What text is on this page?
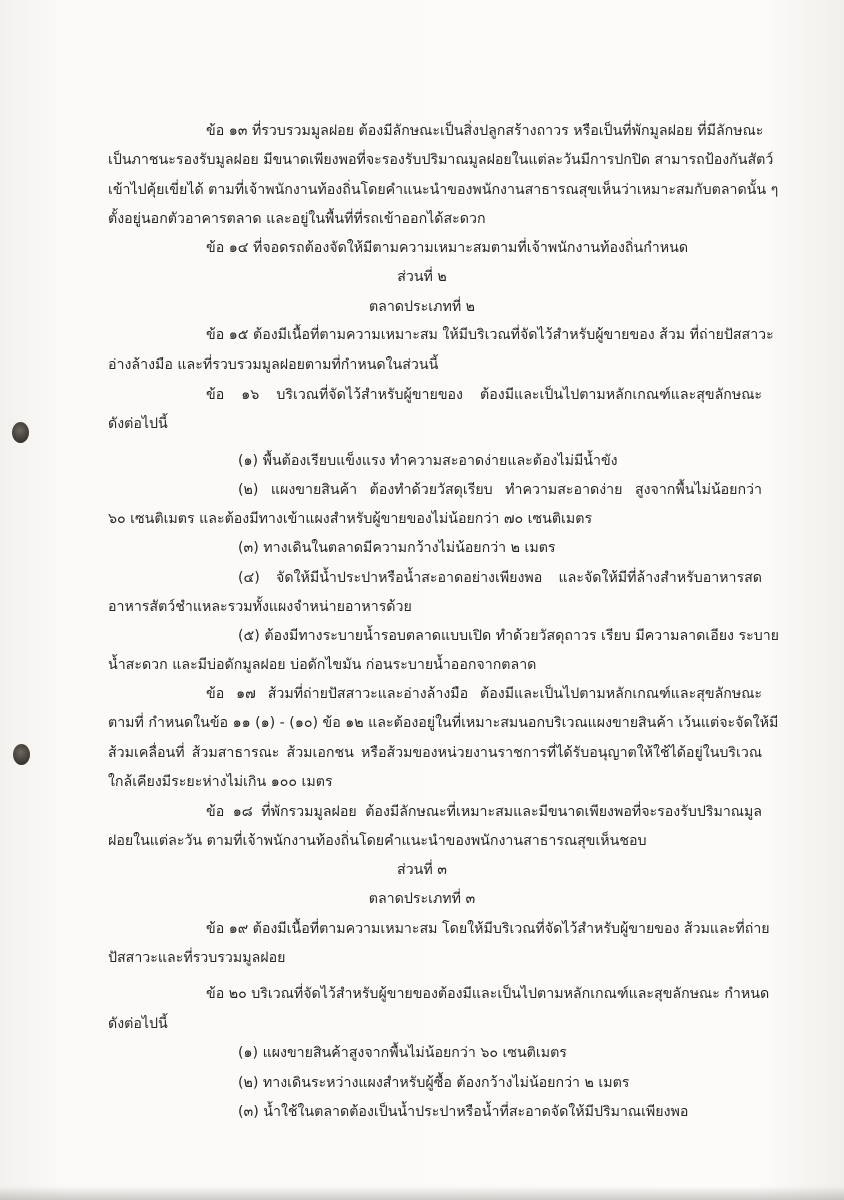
ข้อ ๑๓ ที่รวบรวมมูลฝอย ต้องมีลักษณะเป็นสิ่งปลูกสร้างถาวร หรือเป็นที่พักมูลฝอย ที่มีลักษณะ
เป็นภาชนะรองรับมูลฝอย มีขนาดเพียงพอที่จะรองรับปริมาณมูลฝอยในแต่ละวันมีการปกปิด สามารถป้องกันสัตว์
เข้าไปคุ้ยเขี่ยได้ ตามที่เจ้าพนักงานท้องถิ่นโดยคำแนะนำของพนักงานสาธารณสุขเห็นว่าเหมาะสมกับตลาดนั้น ๆ
ตั้งอยู่นอกตัวอาคารตลาด และอยู่ในพื้นที่ที่รถเข้าออกได้สะดวก
ข้อ ๑๔ ที่จอดรถต้องจัดให้มีตามความเหมาะสมตามที่เจ้าพนักงานท้องถิ่นกำหนด
ส่วนที่ ๒
ตลาดประเภทที่ ๒
ข้อ ๑๕ ต้องมีเนื้อที่ตามความเหมาะสม ให้มีบริเวณที่จัดไว้สำหรับผู้ขายของ ส้วม ที่ถ่ายปัสสาวะ
อ่างล้างมือ และที่รวบรวมมูลฝอยตามที่กำหนดในส่วนนี้
ข้อ ๑๖ บริเวณที่จัดไว้สำหรับผู้ขายของ ต้องมีและเป็นไปตามหลักเกณฑ์และสุขลักษณะ
ดังต่อไปนี้
(๑) พื้นต้องเรียบแข็งแรง ทำความสะอาดง่ายและต้องไม่มีน้ำขัง
(๒) แผงขายสินค้า ต้องทำด้วยวัสดุเรียบ ทำความสะอาดง่าย สูงจากพื้นไม่น้อยกว่า
๖๐ เซนติเมตร และต้องมีทางเข้าแผงสำหรับผู้ขายของไม่น้อยกว่า ๗๐ เซนติเมตร
(๓) ทางเดินในตลาดมีความกว้างไม่น้อยกว่า ๒ เมตร
(๔) จัดให้มีน้ำประปาหรือน้ำสะอาดอย่างเพียงพอ และจัดให้มีที่ล้างสำหรับอาหารสด
อาหารสัตว์ชำแหละรวมทั้งแผงจำหน่ายอาหารด้วย
(๕) ต้องมีทางระบายน้ำรอบตลาดแบบเปิด ทำด้วยวัสดุถาวร เรียบ มีความลาดเอียง ระบาย
น้ำสะดวก และมีบ่อดักมูลฝอย บ่อดักไขมัน ก่อนระบายน้ำออกจากตลาด
ข้อ ๑๗ ส้วมที่ถ่ายปัสสาวะและอ่างล้างมือ ต้องมีและเป็นไปตามหลักเกณฑ์และสุขลักษณะ
ตามที่ กำหนดในข้อ ๑๑ (๑) - (๑๐) ข้อ ๑๒ และต้องอยู่ในที่เหมาะสมนอกบริเวณแผงขายสินค้า เว้นแต่จะจัดให้มี
ส้วมเคลื่อนที่ ส้วมสาธารณะ ส้วมเอกชน หรือส้วมของหน่วยงานราชการที่ได้รับอนุญาตให้ใช้ได้อยู่ในบริเวณ
ใกล้เคียงมีระยะห่างไม่เกิน ๑๐๐ เมตร
ข้อ ๑๘ ที่พักรวมมูลฝอย ต้องมีลักษณะที่เหมาะสมและมีขนาดเพียงพอที่จะรองรับปริมาณมูล
ฝอยในแต่ละวัน ตามที่เจ้าพนักงานท้องถิ่นโดยคำแนะนำของพนักงานสาธารณสุขเห็นชอบ
ส่วนที่ ๓
ตลาดประเภทที่ ๓
ข้อ ๑๙ ต้องมีเนื้อที่ตามความเหมาะสม โดยให้มีบริเวณที่จัดไว้สำหรับผู้ขายของ ส้วมและที่ถ่าย
ปัสสาวะและที่รวบรวมมูลฝอย
ข้อ ๒๐ บริเวณที่จัดไว้สำหรับผู้ขายของต้องมีและเป็นไปตามหลักเกณฑ์และสุขลักษณะ กำหนด
ดังต่อไปนี้
(๑) แผงขายสินค้าสูงจากพื้นไม่น้อยกว่า ๖๐ เซนติเมตร
(๒) ทางเดินระหว่างแผงสำหรับผู้ซื้อ ต้องกว้างไม่น้อยกว่า ๒ เมตร
(๓) น้ำใช้ในตลาดต้องเป็นน้ำประปาหรือน้ำที่สะอาดจัดให้มีปริมาณเพียงพอ
